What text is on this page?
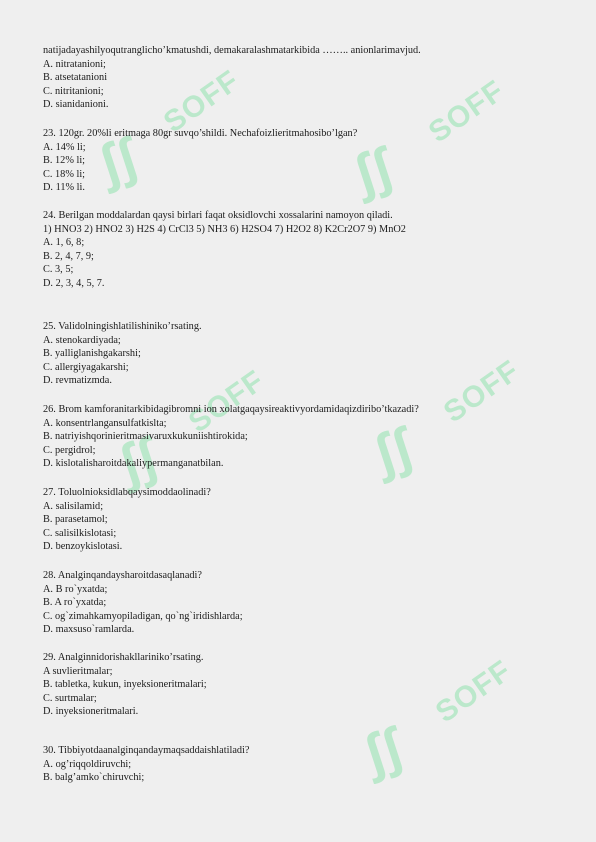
ʃʃ
SOFF
ʃʃ
SOFF
ʃʃ
SOFF
ʃʃ
SOFF
ʃʃ
SOFF
natijadayashilyoqutranglicho’kmatushdi, demakaralashmatarkibida …….. anionlarimavjud.
A. nitratanioni;
B. atsetatanioni
C. nitritanioni;
D. sianidanioni.
23. 120gr. 20%li eritmaga 80gr suvqo’shildi. Nechafoizlieritmahosibo’lgan?
A. 14% li;
B. 12% li;
C. 18% li;
D. 11% li.
24. Berilgan moddalardan qaysi birlari faqat oksidlovchi xossalarini namoyon qiladi.
1) HNO3 2) HNO2 3) H2S 4) CrCl3 5) NH3 6) H2SO4 7) H2O2 8) K2Cr2O7 9) MnO2
A. 1, 6, 8;
B. 2, 4, 7, 9;
C. 3, 5;
D. 2, 3, 4, 5, 7.
25. Validolningishlatilishiniko’rsating.
A. stenokardiyada;
B. yalliglanishgakarshi;
C. allergiyagakarshi;
D. revmatizmda.
26. Brom kamforanitarkibidagibromni ion xolatgaqaysireaktivyordamidaqizdiribo’tkazadi?
A. konsentrlangansulfatkislta;
B. natriyishqorinieritmasivaruxkukuniishtirokida;
C. pergidrol;
D. kislotalisharoitdakaliypermanganatbilan.
27. Toluolnioksidlabqaysimoddaolinadi?
A. salisilamid;
B. parasetamol;
C. salisilkislotasi;
D. benzoykislotasi.
28. Analginqandaysharoitdasaqlanadi?
A. B ro`yxatda;
B. A ro`yxatda;
C. og`zimahkamyopiladigan, qo`ng`iridishlarda;
D. maxsuso`ramlarda.
29. Analginnidorishakllariniko’rsating.
A suvlieritmalar;
B. tabletka, kukun, inyeksioneritmalari;
C. surtmalar;
D. inyeksioneritmalari.
30. Tibbiyotdaanalginqandaymaqsaddaishlatiladi?
A. og’riqqoldiruvchi;
B. balg’amko`chiruvchi;
